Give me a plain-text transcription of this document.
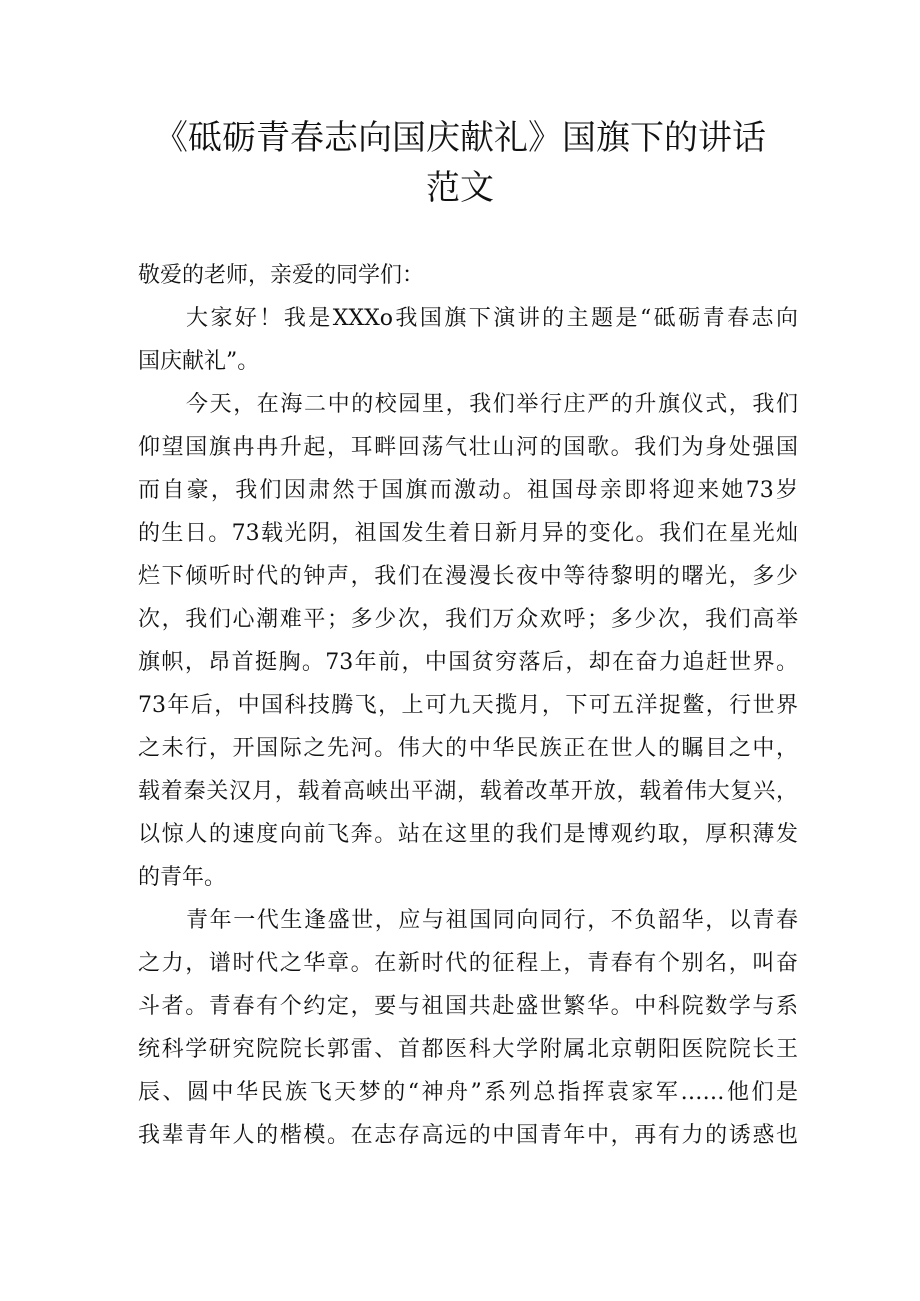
《砥砺青春志向国庆献礼》国旗下的讲话
范文
敬爱的老师，亲爱的同学们：
大家好！我是XXXo我国旗下演讲的主题是“砥砺青春志向
国庆献礼”。
今天，在海二中的校园里，我们举行庄严的升旗仪式，我们
仰望国旗冉冉升起，耳畔回荡气壮山河的国歌。我们为身处强国
而自豪，我们因肃然于国旗而激动。祖国母亲即将迎来她73岁
的生日。73载光阴，祖国发生着日新月异的变化。我们在星光灿
烂下倾听时代的钟声，我们在漫漫长夜中等待黎明的曙光，多少
次，我们心潮难平；多少次，我们万众欢呼；多少次，我们高举
旗帜，昂首挺胸。73年前，中国贫穷落后，却在奋力追赶世界。
73年后，中国科技腾飞，上可九天揽月，下可五洋捉鳖，行世界
之未行，开国际之先河。伟大的中华民族正在世人的瞩目之中，
载着秦关汉月，载着高峡出平湖，载着改革开放，载着伟大复兴，
以惊人的速度向前飞奔。站在这里的我们是博观约取，厚积薄发
的青年。
青年一代生逢盛世，应与祖国同向同行，不负韶华，以青春
之力，谱时代之华章。在新时代的征程上，青春有个别名，叫奋
斗者。青春有个约定，要与祖国共赴盛世繁华。中科院数学与系
统科学研究院院长郭雷、首都医科大学附属北京朝阳医院院长王
辰、圆中华民族飞天梦的“神舟”系列总指挥袁家军……他们是
我辈青年人的楷模。在志存高远的中国青年中，再有力的诱惑也
